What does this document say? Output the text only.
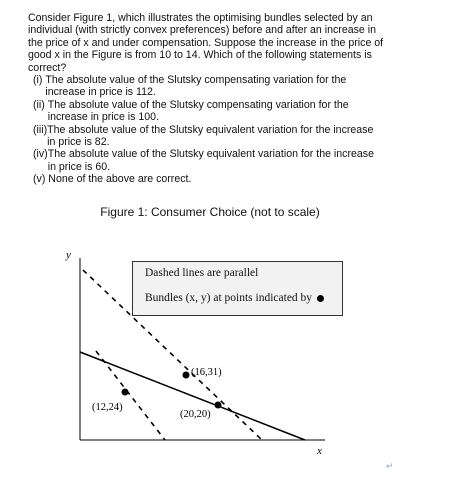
Consider Figure 1, which illustrates the optimising bundles selected by an
individual (with strictly convex preferences) before and after an increase in
the price of x and under compensation. Suppose the increase in the price of
good x in the Figure is from 10 to 14. Which of the following statements is
correct?

(i) The absolute value of the Slutsky compensating variation for the
increase in price is 112.
(ii) The absolute value of the Slutsky compensating variation for the
increase in price is 100.
(iii) The absolute value of the Slutsky equivalent variation for the increase
in price is 82.
(iv) The absolute value of the Slutsky equivalent variation for the increase
in price is 60.
(v) None of the above are correct.
Figure 1: Consumer Choice (not to scale)
y
x
(12,24)
(16,31)
(20,20)
Dashed lines are parallel
Bundles (x, y) at points indicated by
↵
